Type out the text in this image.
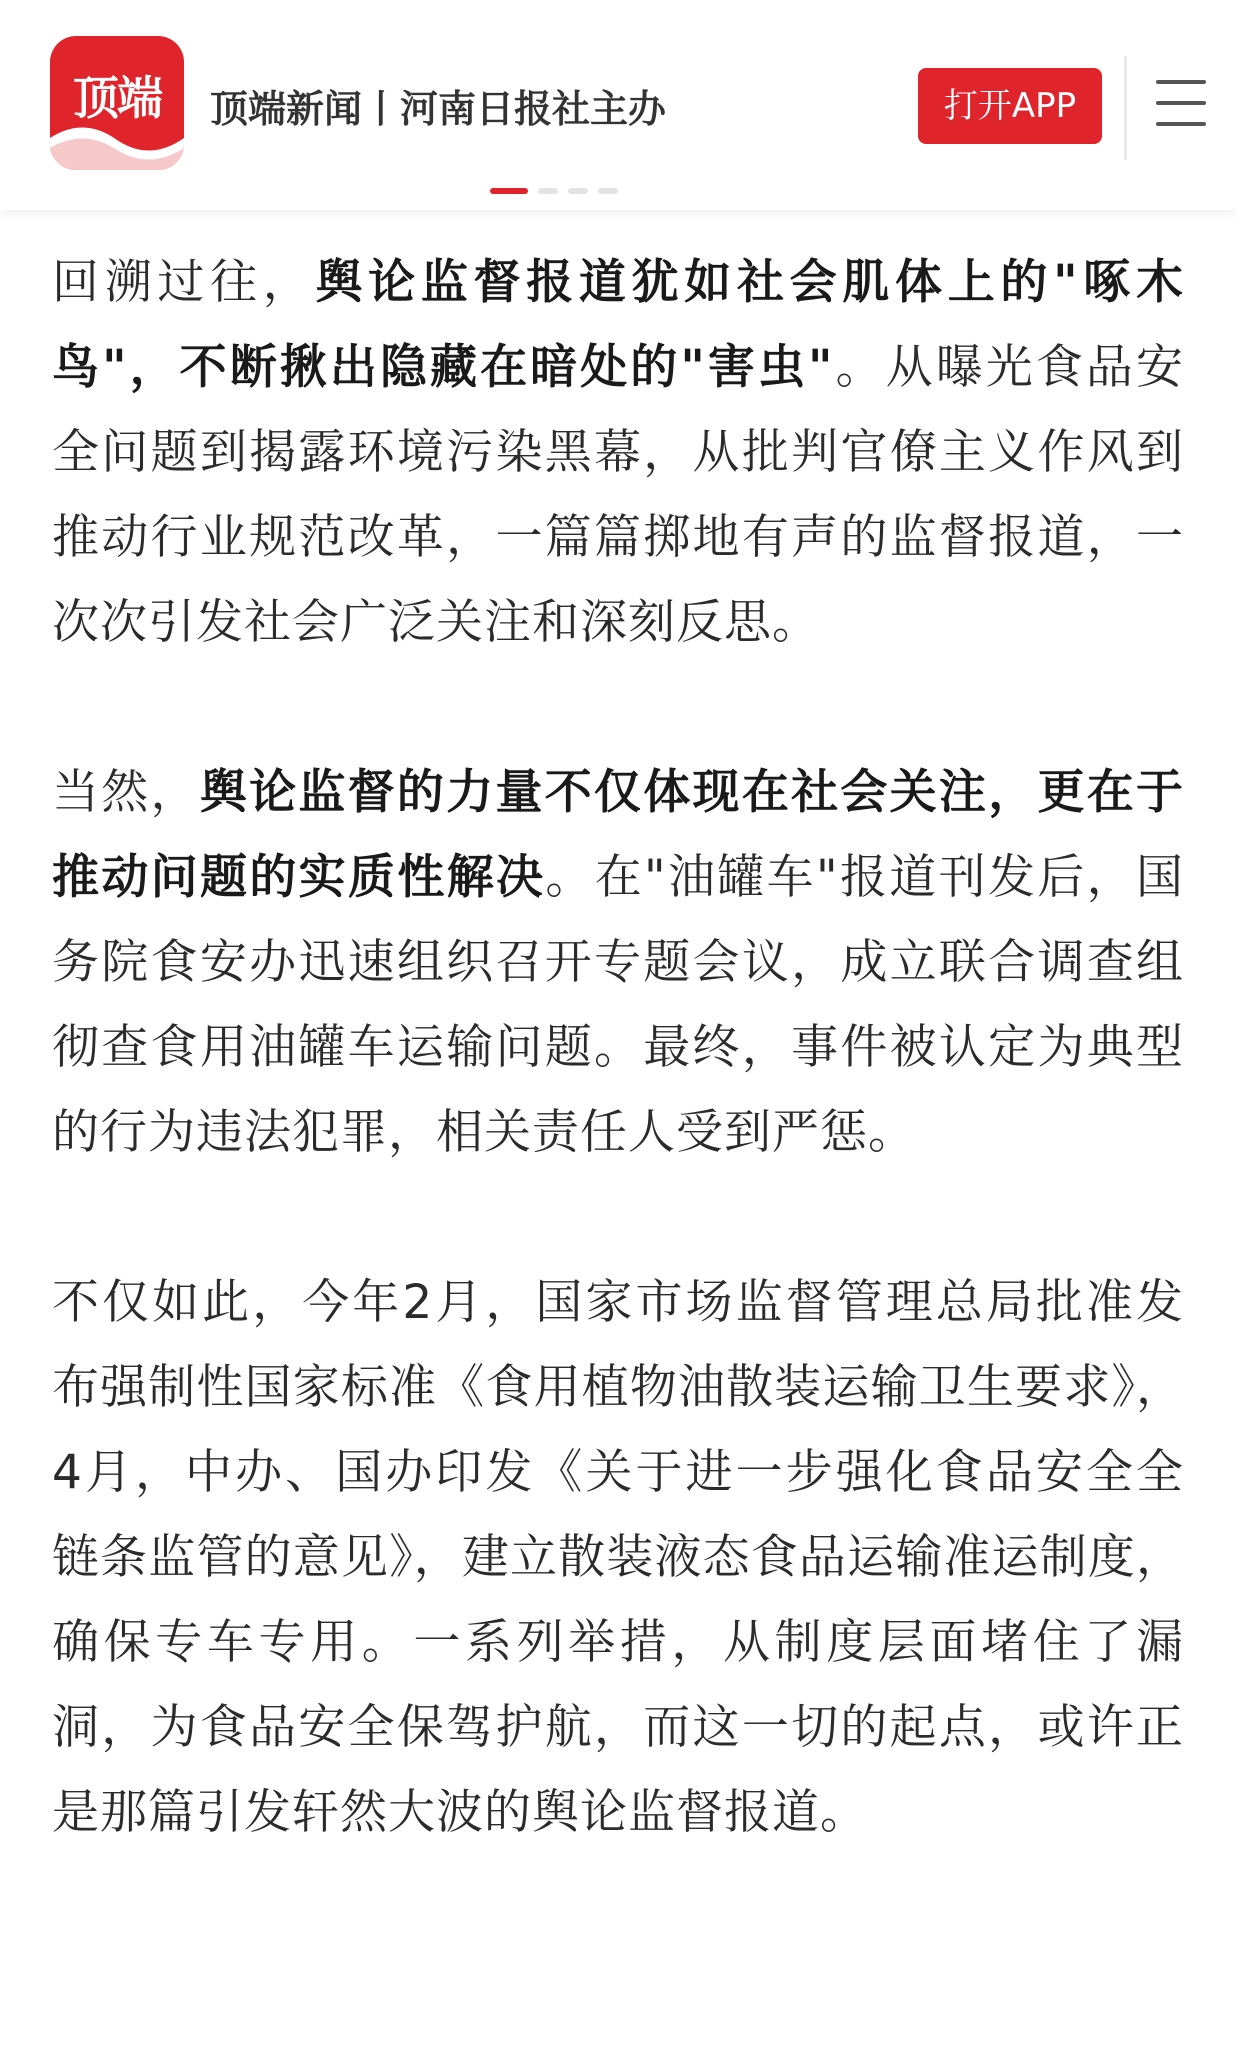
顶端	顶端新闻丨河南日报社主办	打开APP

回溯过往，舆论监督报道犹如社会肌体上的"啄木鸟"，不断揪出隐藏在暗处的"害虫"。从曝光食品安全问题到揭露环境污染黑幕，从批判官僚主义作风到推动行业规范改革，一篇篇掷地有声的监督报道，一次次引发社会广泛关注和深刻反思。

当然，舆论监督的力量不仅体现在社会关注，更在于推动问题的实质性解决。在"油罐车"报道刊发后，国务院食安办迅速组织召开专题会议，成立联合调查组彻查食用油罐车运输问题。最终，事件被认定为典型的行为违法犯罪，相关责任人受到严惩。

不仅如此，今年2月，国家市场监督管理总局批准发布强制性国家标准《食用植物油散装运输卫生要求》，4月，中办、国办印发《关于进一步强化食品安全全链条监管的意见》，建立散装液态食品运输准运制度，确保专车专用。一系列举措，从制度层面堵住了漏洞，为食品安全保驾护航，而这一切的起点，或许正是那篇引发轩然大波的舆论监督报道。
